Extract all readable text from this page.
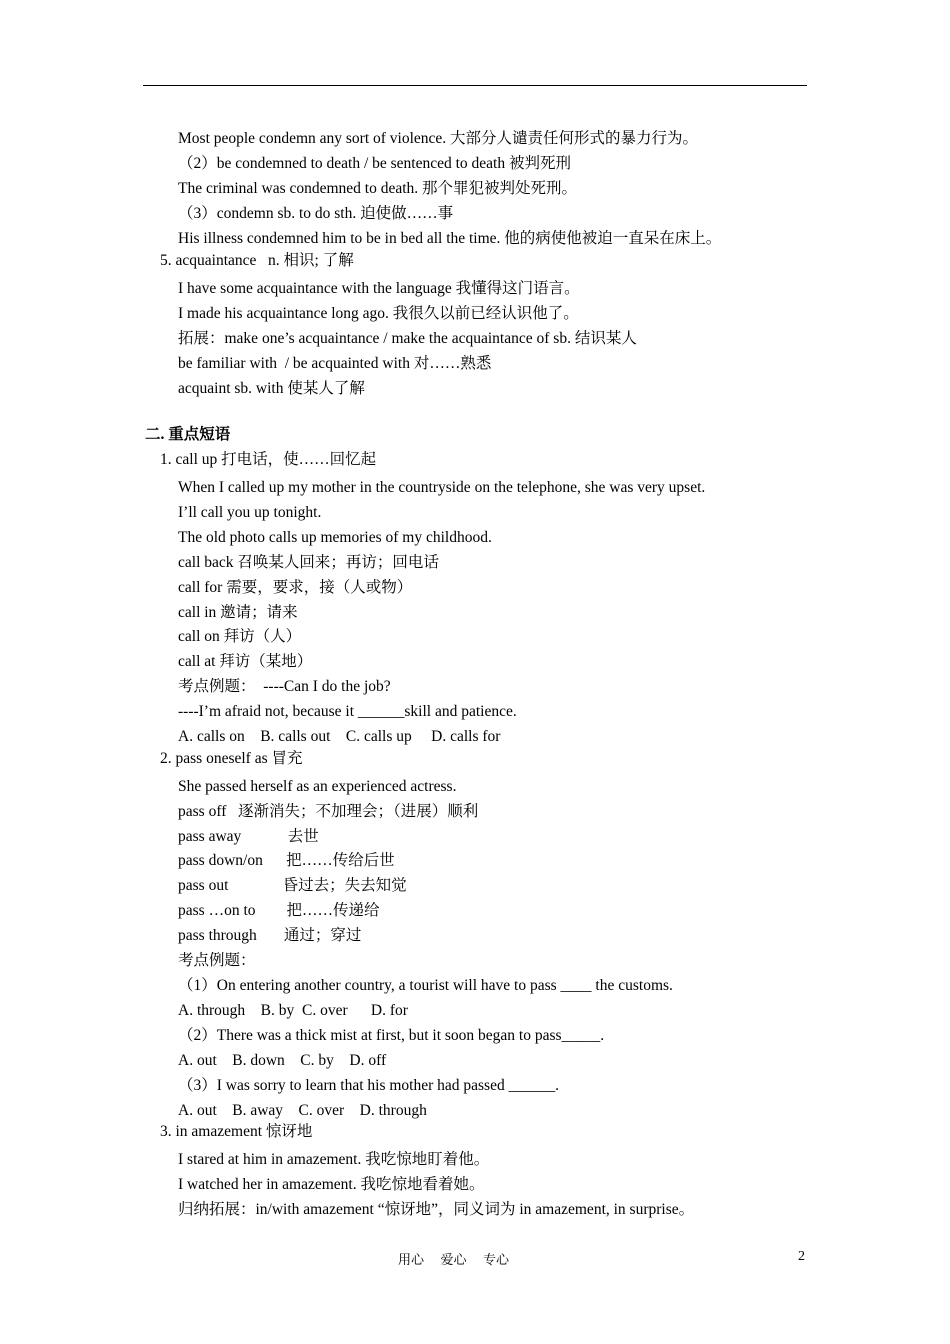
Most people condemn any sort of violence. 大部分人谴责任何形式的暴力行为。
（2）be condemned to death / be sentenced to death 被判死刑
The criminal was condemned to death. 那个罪犯被判处死刑。
（3）condemn sb. to do sth. 迫使做……事
His illness condemned him to be in bed all the time. 他的病使他被迫一直呆在床上。
5. acquaintance   n. 相识; 了解
I have some acquaintance with the language 我懂得这门语言。
I made his acquaintance long ago. 我很久以前已经认识他了。
拓展：make one’s acquaintance / make the acquaintance of sb. 结识某人
be familiar with  / be acquainted with 对……熟悉
acquaint sb. with 使某人了解
二. 重点短语
1. call up 打电话，使……回忆起
When I called up my mother in the countryside on the telephone, she was very upset.
I’ll call you up tonight.
The old photo calls up memories of my childhood.
call back 召唤某人回来；再访；回电话
call for 需要，要求，接（人或物）
call in 邀请；请来
call on 拜访（人）
call at 拜访（某地）
考点例题：  ----Can I do the job?
----I’m afraid not, because it ______skill and patience.
A. calls on    B. calls out    C. calls up     D. calls for
2. pass oneself as 冒充
She passed herself as an experienced actress.
pass off   逐渐消失；不加理会；（进展）顺利
pass away            去世
pass down/on      把……传给后世
pass out              昏过去；失去知觉
pass …on to        把……传递给
pass through       通过；穿过
考点例题：
（1）On entering another country, a tourist will have to pass ____ the customs.
A. through    B. by  C. over      D. for
（2）There was a thick mist at first, but it soon began to pass_____.
A. out    B. down    C. by    D. off
（3）I was sorry to learn that his mother had passed ______.
A. out    B. away    C. over    D. through
3. in amazement 惊讶地
I stared at him in amazement. 我吃惊地盯着他。
I watched her in amazement. 我吃惊地看着她。
归纳拓展：in/with amazement “惊讶地”，同义词为 in amazement, in surprise。
用心    爱心    专心	2
